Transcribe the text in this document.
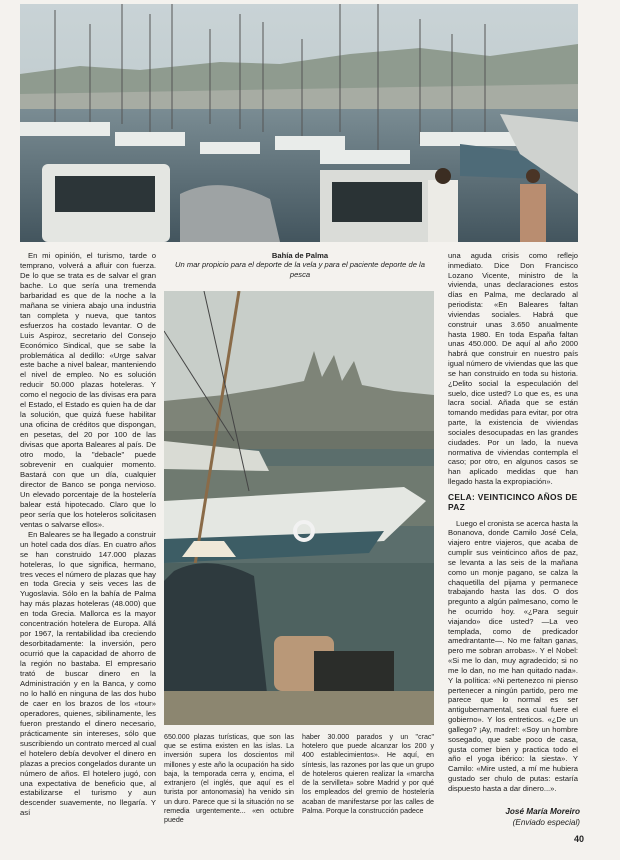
Bahía de Palma
Un mar propicio para el deporte de la vela y para el paciente deporte de la pesca

En mi opinión, el turismo, tarde o temprano, volverá a afluir con fuerza. De lo que se trata es de salvar el gran bache. Lo que sería una tremenda barbaridad es que de la noche a la mañana se viniera abajo una industria tan completa y nueva, que tantos esfuerzos ha costado levantar. O de Luis Aspiroz, secretario del Consejo Económico Sindical, que se sabe la problemática al dedillo: «Urge salvar este bache a nivel balear, manteniendo el nivel de empleo. No es solución reducir 50.000 plazas hoteleras. Y como el negocio de las divisas era para el Estado, el Estado es quien ha de dar la solución, que quizá fuese habilitar una oficina de créditos que dispongan, en pesetas, del 20 por 100 de las divisas que aporta Baleares al país. De otro modo, la "debacle" puede sobrevenir en cualquier momento. Bastará con que un día, cualquier director de Banco se ponga nervioso. Un elevado porcentaje de la hostelería balear está hipotecado. Claro que lo peor sería que los hoteleros solicitasen ventas o salvarse ellos».

En Baleares se ha llegado a construir un hotel cada dos días. En cuatro años se han construido 147.000 plazas hoteleras, lo que significa, hermano, tres veces el número de plazas que hay en toda Grecia y seis veces las de Yugoslavia. Sólo en la bahía de Palma hay más plazas hoteleras (48.000) que en toda Grecia. Mallorca es la mayor concentración hotelera de Europa. Allá por 1967, la rentabilidad iba creciendo desorbitadamente: la inversión, pero ocurrió que la capacidad de ahorro de la región no bastaba. El empresario trató de buscar dinero en la Administración y en la Banca, y como no lo halló en ninguna de las dos hubo de caer en los brazos de los «tour» operadores, quienes, sibilinamente, les fueron prestando el dinero necesario, prácticamente sin intereses, sólo que suscribiendo un contrato merced al cual el hotelero debía devolver el dinero en plazas a precios congelados durante un número de años. El hotelero jugó, con una expectativa de beneficio que, al estabilizarse el turismo y aun descender suavemente, no llegaría. Y así

650.000 plazas turísticas, que son las que se estima existen en las islas. La inversión supera los doscientos mil millones y este año la ocupación ha sido baja, la temporada cerra y, encima, el extranjero (el inglés, que aquí es el turista por antonomasia) ha venido sin un duro. Parece que si la situación no se remedia urgentemente... «en octubre puede

haber 30.000 parados y un "crac" hotelero que puede alcanzar los 200 y 400 establecimientos». He aquí, en síntesis, las razones por las que un grupo de hoteleros quieren realizar la «marcha de la servilleta» sobre Madrid y por qué los empleados del gremio de hostelería acaban de manifestarse por las calles de Palma. Porque la construcción padece

una aguda crisis como reflejo inmediato. Dice Don Francisco Lozano Vicente, ministro de la vivienda, unas declaraciones estos días en Palma, me declarado al periodista: «En Baleares faltan viviendas sociales. Habrá que construir unas 3.650 anualmente hasta 1980. En toda España faltan unas 450.000. De aquí al año 2000 habrá que construir en nuestro país igual número de viviendas que las que se han construido en toda su historia. ¿Delito social la especulación del suelo, dice usted? Lo que es, es una lacra social. Añada que se están tomando medidas para evitar, por otra parte, la existencia de viviendas sociales desocupadas en las grandes ciudades. Por un lado, la nueva normativa de viviendas contempla el caso; por otro, en algunos casos se han aplicado medidas que han llegado hasta la expropiación».

CELA: VEINTICINCO AÑOS DE PAZ

Luego el cronista se acerca hasta la Bonanova, donde Camilo José Cela, viajero entre viajeros, que acaba de cumplir sus veinticinco años de paz, se levanta a las seis de la mañana como un monje pagano, se calza la chaquetilla del pijama y permanece trabajando hasta las dos. O dos pregunto a algún palmesano, como le he ocurrido hoy. «¿Para seguir viajando» dice usted? —La veo templada, como de predicador amedrantante—. No me faltan ganas, pero me sobran arrobas». Y el Nobel: «Si me lo dan, muy agradecido; si no me lo dan, no me han quitado nada». Y la política: «Ni pertenezco ni pienso pertenecer a ningún partido, pero me parece que lo normal es ser antigubernamental, sea cual fuere el gobierno». Y los entreticos. «¿De un gallego? ¡Ay, madre!: «Soy un hombre sosegado, que sabe poco de casa, gusta comer bien y practica todo el año el yoga ibérico: la siesta». Y Camilo: «Mire usted, a mí me hubiera gustado ser chulo de putas: estaría dispuesto hasta a dar dinero...».

José María Moreiro
(Enviado especial)
40
